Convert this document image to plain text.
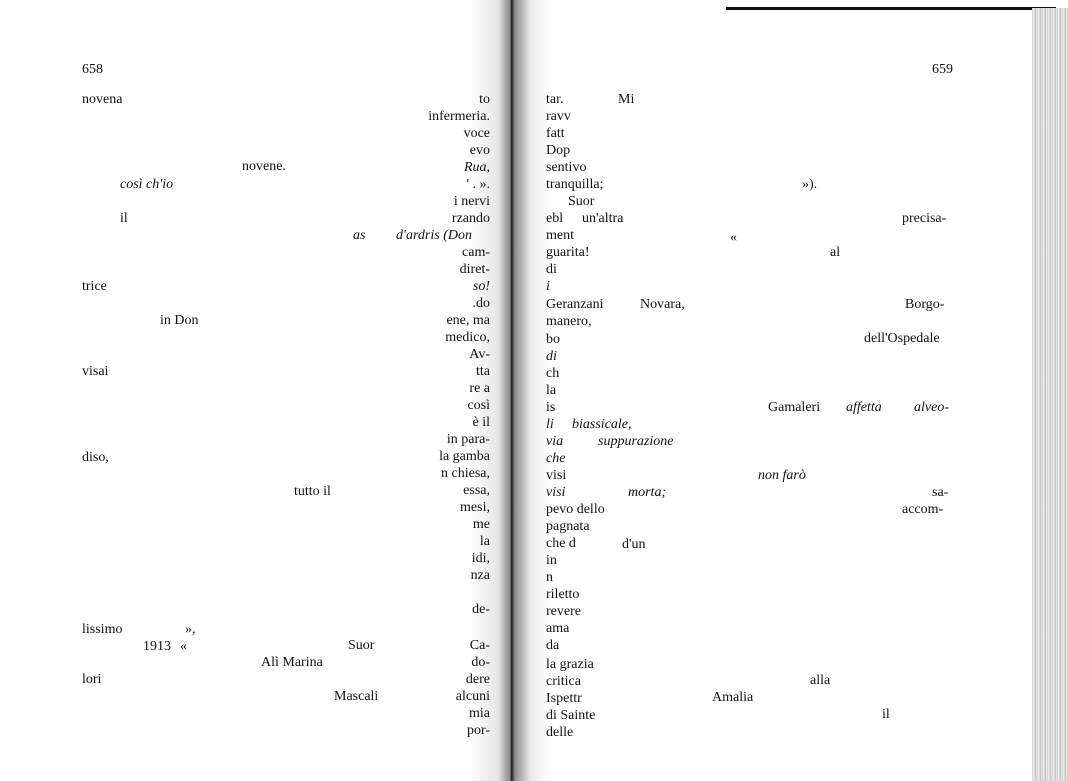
658
novena
novene.
così ch'io
il
as
trice
in Don
visai
diso,
tutto il
lissimo	»,
1913 «	Suor
Alì Marina
lori
Mascali
to
infermeria.
voce
evo
Rua,
' . ».
i nervi
rzando
cam-
diret-
so!
.do
ene, ma
medico,
Av-
tta
re a
così
è il
in para-
la gamba
n chiesa,
essa,
mesi,
me
la
idi,
nza
de-
Ca-
do-
dere
alcuni
mia
por-
d'ardris (Don
659
tar.
ravv
fatt
Dop
sentivo
tranquilla;
Suor
ebl
ment
guarita!
di
i
Geranzani
manero,
bo
di
ch
la
is
li
via
che
visi
visi
pevo dello
pagnata
che d
in
n
riletto
revere
ama
da
la grazia
critica
Ispettr
di Sainte
delle
Mi
»).
un'altra	precisa-
«
al
Novara,	Borgo-
dell'Ospedale
Gamaleri affetta alveo-
biassicale,
suppurazione
non farò
morta;	sa-
accom-
d'un
alla
Amalia
il
